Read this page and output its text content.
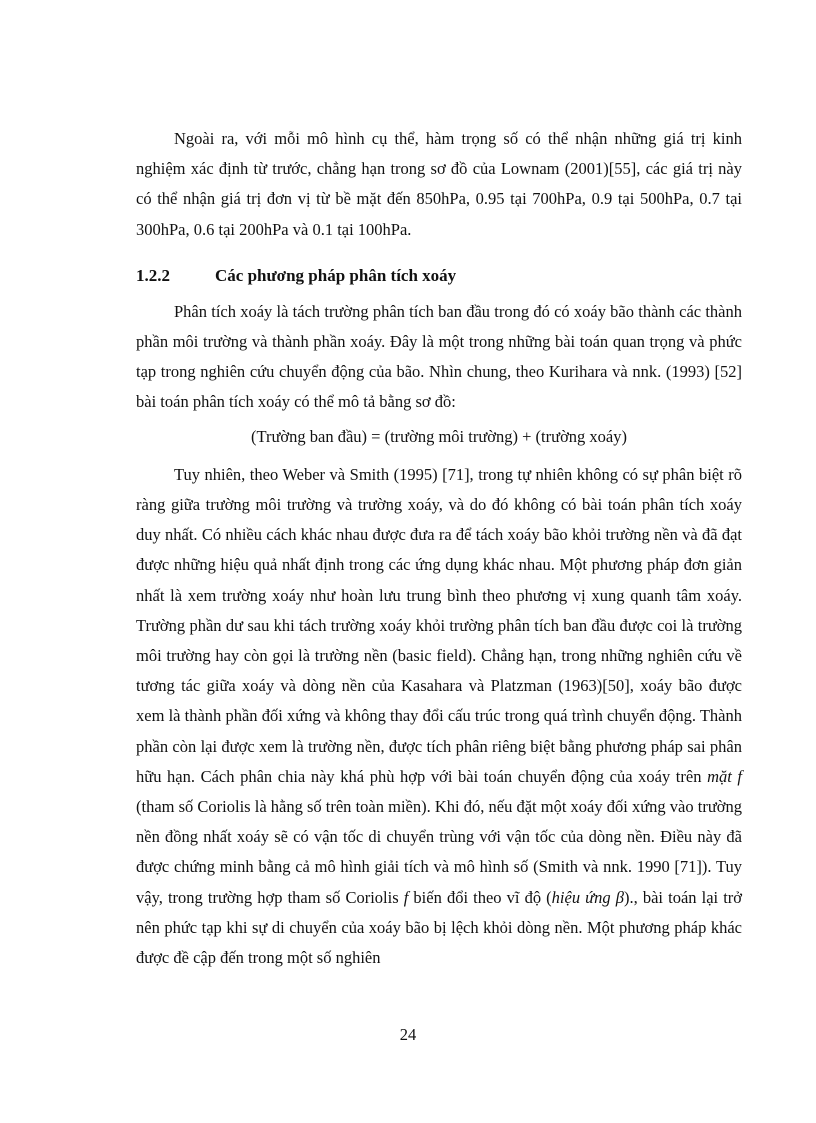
Ngoài ra, với mỗi mô hình cụ thể, hàm trọng số có thể nhận những giá trị kinh nghiệm xác định từ trước, chẳng hạn trong sơ đồ của Lownam (2001)[55], các giá trị này có thể nhận giá trị đơn vị từ bề mặt đến 850hPa, 0.95 tại 700hPa, 0.9 tại 500hPa, 0.7 tại 300hPa, 0.6 tại 200hPa và 0.1 tại 100hPa.

1.2.2	Các phương pháp phân tích xoáy

Phân tích xoáy là tách trường phân tích ban đầu trong đó có xoáy bão thành các thành phần môi trường và thành phần xoáy. Đây là một trong những bài toán quan trọng và phức tạp trong nghiên cứu chuyển động của bão. Nhìn chung, theo Kurihara và nnk. (1993) [52] bài toán phân tích xoáy có thể mô tả bằng sơ đồ:

(Trường ban đầu) = (trường môi trường) + (trường xoáy)

Tuy nhiên, theo Weber và Smith (1995) [71], trong tự nhiên không có sự phân biệt rõ ràng giữa trường môi trường và trường xoáy, và do đó không có bài toán phân tích xoáy duy nhất. Có nhiều cách khác nhau được đưa ra để tách xoáy bão khỏi trường nền và đã đạt được những hiệu quả nhất định trong các ứng dụng khác nhau. Một phương pháp đơn giản nhất là xem trường xoáy như hoàn lưu trung bình theo phương vị xung quanh tâm xoáy. Trường phần dư sau khi tách trường xoáy khỏi trường phân tích ban đầu được coi là trường môi trường hay còn gọi là trường nền (basic field). Chẳng hạn, trong những nghiên cứu về tương tác giữa xoáy và dòng nền của Kasahara và Platzman (1963)[50], xoáy bão được xem là thành phần đối xứng và không thay đổi cấu trúc trong quá trình chuyển động. Thành phần còn lại được xem là trường nền, được tích phân riêng biệt bằng phương pháp sai phân hữu hạn. Cách phân chia này khá phù hợp với bài toán chuyển động của xoáy trên mặt f (tham số Coriolis là hằng số trên toàn miền). Khi đó, nếu đặt một xoáy đối xứng vào trường nền đồng nhất xoáy sẽ có vận tốc di chuyển trùng với vận tốc của dòng nền. Điều này đã được chứng minh bằng cả mô hình giải tích và mô hình số (Smith và nnk. 1990 [71]). Tuy vậy, trong trường hợp tham số Coriolis f biến đổi theo vĩ độ (hiệu ứng β)., bài toán lại trở nên phức tạp khi sự di chuyển của xoáy bão bị lệch khỏi dòng nền. Một phương pháp khác được đề cập đến trong một số nghiên

24
